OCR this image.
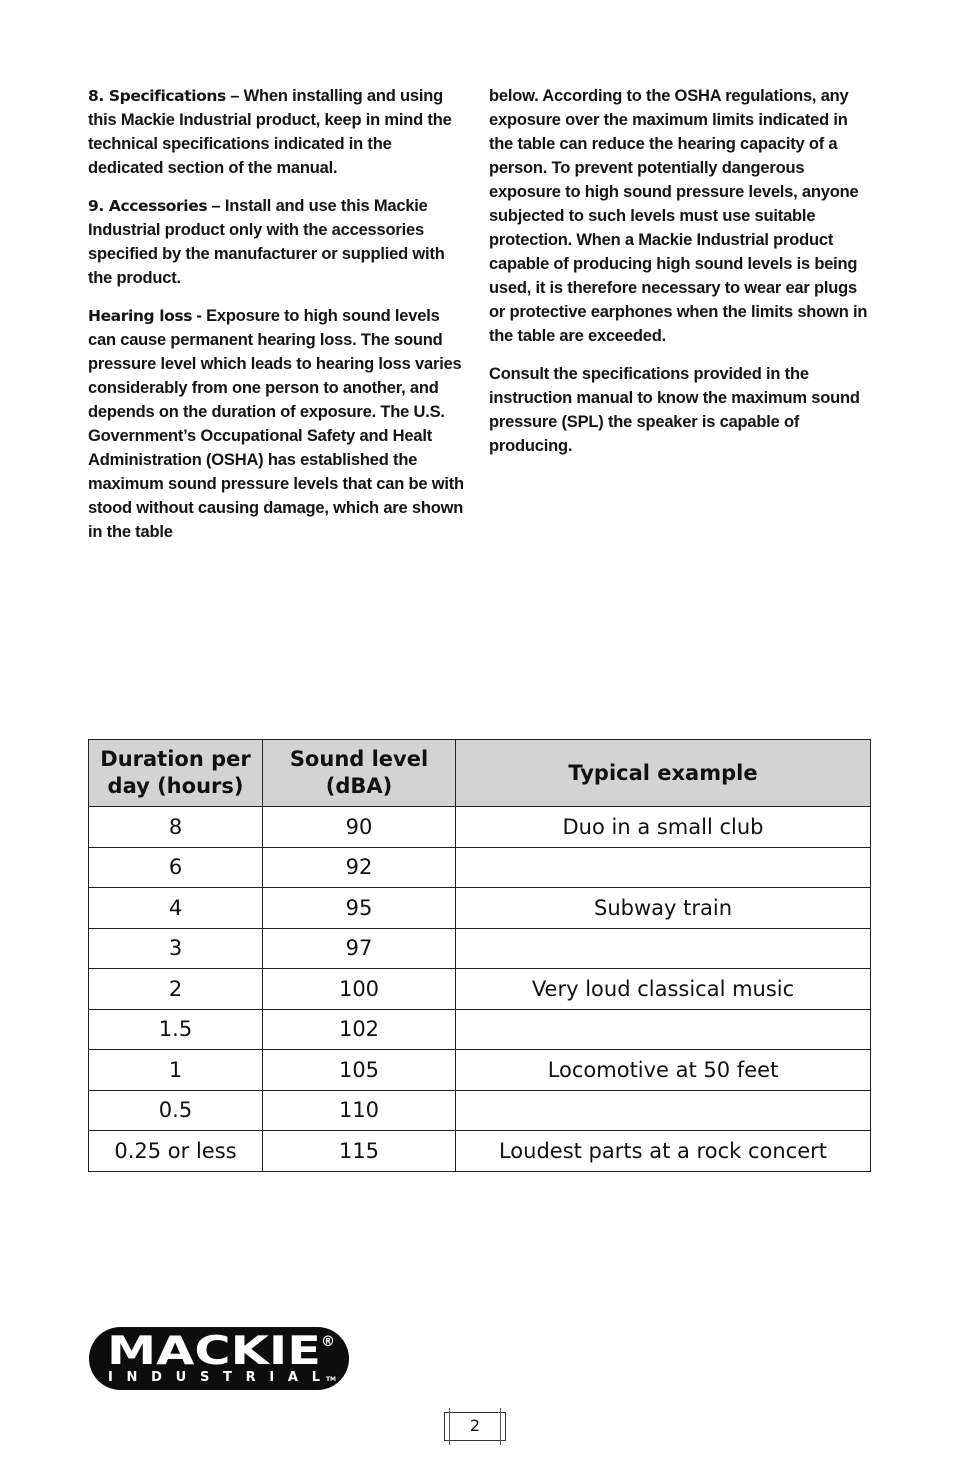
8. Specifications – When installing and using this Mackie Industrial product, keep in mind the technical specifications indicated in the dedicated section of the manual.

9. Accessories – Install and use this Mackie Industrial product only with the accessories specified by the manufacturer or supplied with the product.

Hearing loss - Exposure to high sound levels can cause permanent hearing loss. The sound pressure level which leads to hearing loss varies considerably from one person to another, and depends on the duration of exposure. The U.S. Government’s Occupational Safety and Healt Administration (OSHA) has established the maximum sound pressure levels that can be with stood without causing damage, which are shown in the table

below. According to the OSHA regulations, any exposure over the maximum limits indicated in the table can reduce the hearing capacity of a person. To prevent potentially dangerous exposure to high sound pressure levels, anyone subjected to such levels must use suitable protection. When a Mackie Industrial product capable of producing high sound levels is being used, it is therefore necessary to wear ear plugs or protective earphones when the limits shown in the table are exceeded.

Consult the specifications provided in the instruction manual to know the maximum sound pressure (SPL) the speaker is capable of producing.

Duration per day (hours)	Sound level (dBA)	Typical example
8	90	Duo in a small club
6	92	
4	95	Subway train
3	97	
2	100	Very loud classical music
1.5	102	
1	105	Locomotive at 50 feet
0.5	110	
0.25 or less	115	Loudest parts at a rock concert
MACKIE ®
INDUSTRIAL TM
2
